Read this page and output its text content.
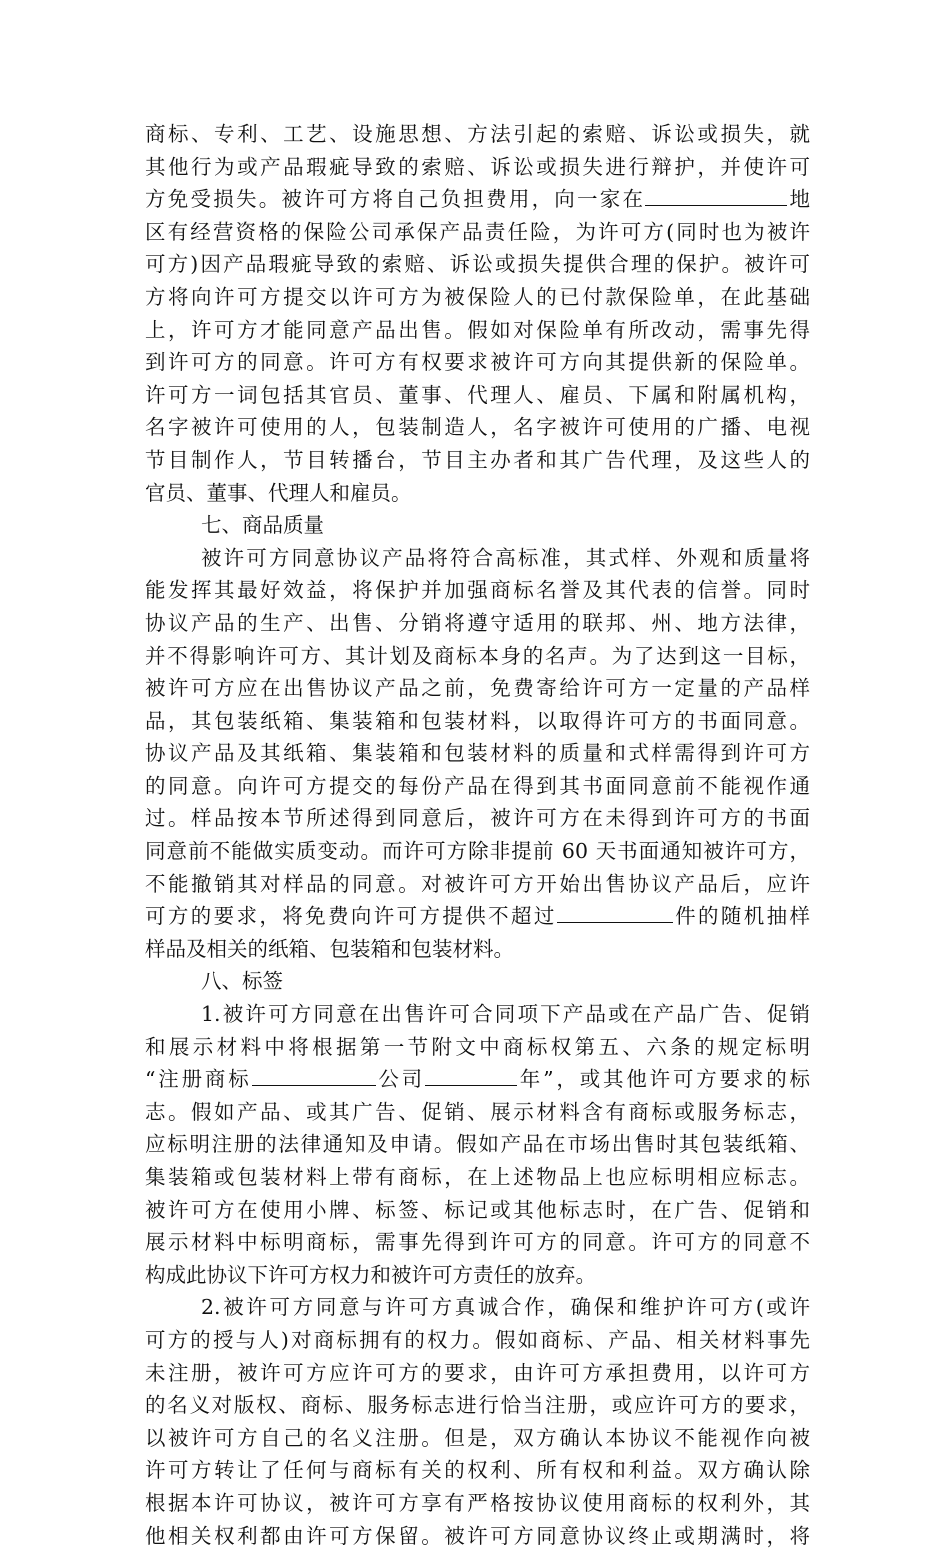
商标、专利、工艺、设施思想、方法引起的索赔、诉讼或损失，就
其他行为或产品瑕疵导致的索赔、诉讼或损失进行辩护，并使许可
方免受损失。被许可方将自己负担费用，向一家在	地
区有经营资格的保险公司承保产品责任险，为许可方(同时也为被许
可方)因产品瑕疵导致的索赔、诉讼或损失提供合理的保护。被许可
方将向许可方提交以许可方为被保险人的已付款保险单，在此基础
上，许可方才能同意产品出售。假如对保险单有所改动，需事先得
到许可方的同意。许可方有权要求被许可方向其提供新的保险单。
许可方一词包括其官员、董事、代理人、雇员、下属和附属机构，
名字被许可使用的人，包装制造人，名字被许可使用的广播、电视
节目制作人，节目转播台，节目主办者和其广告代理，及这些人的
官员、董事、代理人和雇员。
七、商品质量
被许可方同意协议产品将符合高标准，其式样、外观和质量将
能发挥其最好效益，将保护并加强商标名誉及其代表的信誉。同时
协议产品的生产、出售、分销将遵守适用的联邦、州、地方法律，
并不得影响许可方、其计划及商标本身的名声。为了达到这一目标，
被许可方应在出售协议产品之前，免费寄给许可方一定量的产品样
品，其包装纸箱、集装箱和包装材料，以取得许可方的书面同意。
协议产品及其纸箱、集装箱和包装材料的质量和式样需得到许可方
的同意。向许可方提交的每份产品在得到其书面同意前不能视作通
过。样品按本节所述得到同意后，被许可方在未得到许可方的书面
同意前不能做实质变动。而许可方除非提前 60 天书面通知被许可方，
不能撤销其对样品的同意。对被许可方开始出售协议产品后，应许
可方的要求，将免费向许可方提供不超过	件的随机抽样
样品及相关的纸箱、包装箱和包装材料。
八、标签
1.被许可方同意在出售许可合同项下产品或在产品广告、促销
和展示材料中将根据第一节附文中商标权第五、六条的规定标明
“注册商标	公司	年”，或其他许可方要求的标
志。假如产品、或其广告、促销、展示材料含有商标或服务标志，
应标明注册的法律通知及申请。假如产品在市场出售时其包装纸箱、
集装箱或包装材料上带有商标，在上述物品上也应标明相应标志。
被许可方在使用小牌、标签、标记或其他标志时，在广告、促销和
展示材料中标明商标，需事先得到许可方的同意。许可方的同意不
构成此协议下许可方权力和被许可方责任的放弃。
2.被许可方同意与许可方真诚合作，确保和维护许可方(或许
可方的授与人)对商标拥有的权力。假如商标、产品、相关材料事先
未注册，被许可方应许可方的要求，由许可方承担费用，以许可方
的名义对版权、商标、服务标志进行恰当注册，或应许可方的要求，
以被许可方自己的名义注册。但是，双方确认本协议不能视作向被
许可方转让了任何与商标有关的权利、所有权和利益。双方确认除
根据本许可协议，被许可方享有严格按协议使用商标的权利外，其
他相关权利都由许可方保留。被许可方同意协议终止或期满时，将
